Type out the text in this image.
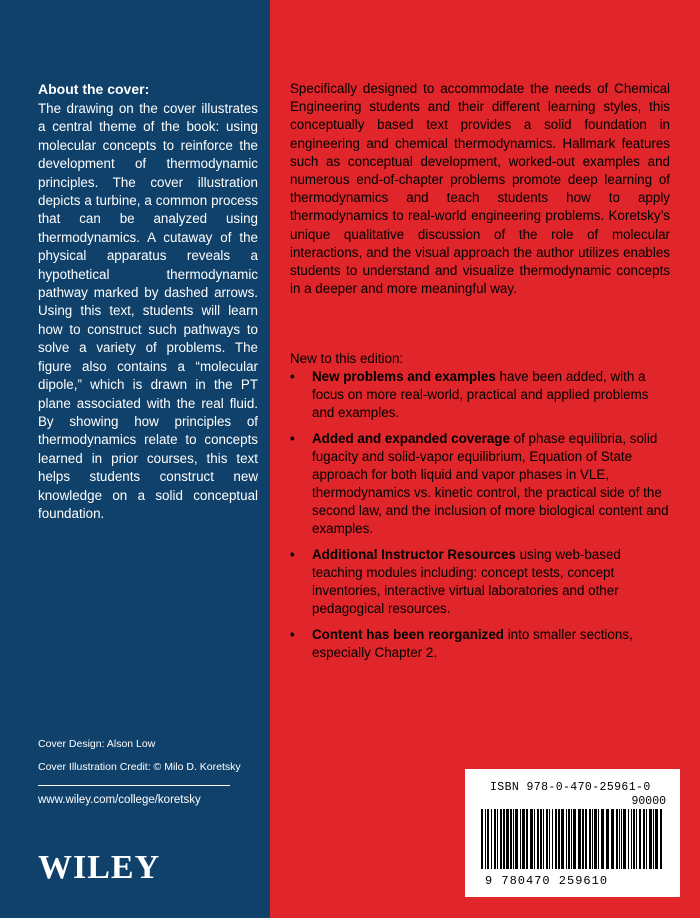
About the cover:

The drawing on the cover illustrates a central theme of the book: using molecular concepts to reinforce the development of thermodynamic principles. The cover illustration depicts a turbine, a common process that can be analyzed using thermodynamics. A cutaway of the physical apparatus reveals a hypothetical thermodynamic pathway marked by dashed arrows. Using this text, students will learn how to construct such pathways to solve a variety of problems. The figure also contains a “molecular dipole,” which is drawn in the PT plane associated with the real fluid. By showing how principles of thermodynamics relate to concepts learned in prior courses, this text helps students construct new knowledge on a solid conceptual foundation.

Cover Design: Alson Low

Cover Illustration Credit: © Milo D. Koretsky

www.wiley.com/college/koretsky
WILEY

Specifically designed to accommodate the needs of Chemical Engineering students and their different learning styles, this conceptually based text provides a solid foundation in engineering and chemical thermodynamics. Hallmark features such as conceptual development, worked-out examples and numerous end-of-chapter problems promote deep learning of thermodynamics and teach students how to apply thermodynamics to real-world engineering problems. Koretsky’s unique qualitative discussion of the role of molecular interactions, and the visual approach the author utilizes enables students to understand and visualize thermodynamic concepts in a deeper and more meaningful way.

New to this edition:
• New problems and examples have been added, with a focus on more real-world, practical and applied problems and examples.
• Added and expanded coverage of phase equilibria, solid fugacity and solid-vapor equilibrium, Equation of State approach for both liquid and vapor phases in VLE, thermodynamics vs. kinetic control, the practical side of the second law, and the inclusion of more biological content and examples.
• Additional Instructor Resources using web-based teaching modules including: concept tests, concept inventories, interactive virtual laboratories and other pedagogical resources.
• Content has been reorganized into smaller sections, especially Chapter 2.
ISBN 978-0-470-25961-0
90000
9 780470 259610
